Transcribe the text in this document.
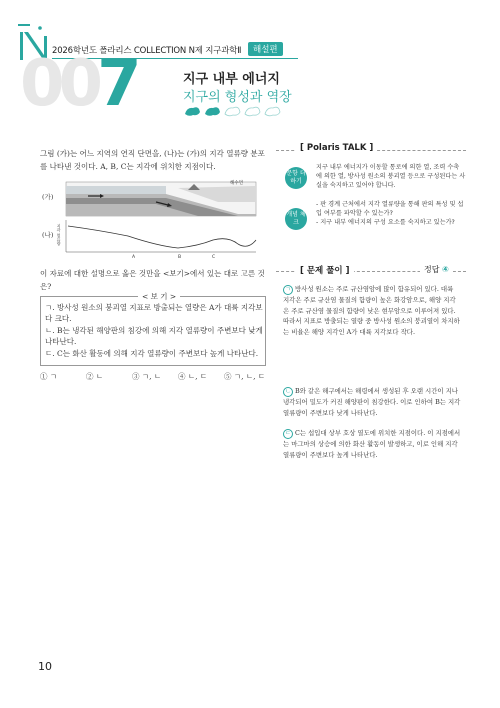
2026학년도 폴라리스 COLLECTION N제 지구과학Ⅱ	해설편
007	지구 내부 에너지
지구의 형성과 역장
그림 (가)는 어느 지역의 연직 단면을, (나)는 (가)의 지각 열류량 분포를 나타낸 것이다. A, B, C는 지각에 위치한 지점이다.
(가)
(나)
해수면
지각 열류량
A	B	C
이 자료에 대한 설명으로 옳은 것만을 <보기>에서 있는 대로 고른 것은?
< 보 기 >
ㄱ. 방사성 원소의 붕괴열 지표로 방출되는 열량은 A가 대륙 지각보다 크다.
ㄴ. B는 냉각된 해양판의 침강에 의해 지각 열류량이 주변보다 낮게 나타난다.
ㄷ. C는 화산 활동에 의해 지각 열류량이 주변보다 높게 나타난다.
① ㄱ	② ㄴ	③ ㄱ, ㄴ	④ ㄴ, ㄷ	⑤ ㄱ, ㄴ, ㄷ
[ Polaris TALK ]
문항 더하기
지구 내부 에너지가 이동할 통로에 의한 열, 조력 수축 에 의한 열, 방사성 원소의 붕괴열 등으로 구성된다는 사실을 숙지하고 있어야 합니다.
개념 체크
- 판 경계 근처에서 지각 열류량을 통해 판의 특성 및 섭입 여부를 파악할 수 있는가?
- 지구 내부 에너지의 구성 요소를 숙지하고 있는가?
[ 문제 풀이 ]	정답 ④
ㄱ 방사성 원소는 주로 규산염암에 많이 함유되어 있다. 대륙 지각은 주로 규산염 물질의 함량이 높은 화강암으로, 해양 지각은 주로 규산염 물질의 함량이 낮은 현무암으로 이루어져 있다. 따라서 지표로 방출되는 열량 중 방사성 원소의 붕괴열이 차지하는 비율은 해양 지각인 A가 대륙 지각보다 작다.
ㄴ B와 같은 해구에서는 해령에서 생성된 후 오랜 시간이 지나 냉각되어 밀도가 커진 해양판이 침강한다. 이로 인하여 B는 지각 열류량이 주변보다 낮게 나타난다.
ㄷ C는 섭입대 상부 호상 열도에 위치한 지점이다. 이 지점에서는 마그마의 상승에 의한 화산 활동이 발생하고, 이로 인해 지각 열류량이 주변보다 높게 나타난다.
10
